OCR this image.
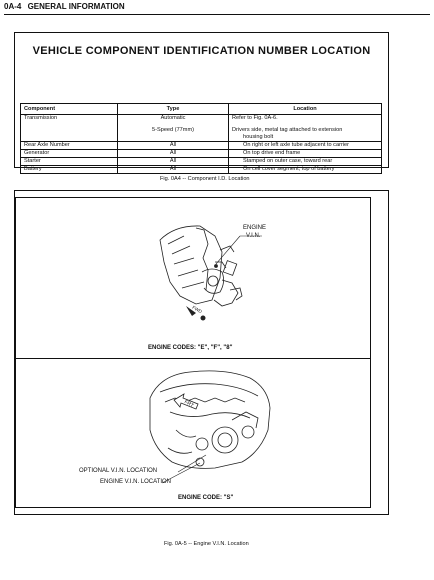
0A-4 GENERAL INFORMATION
VEHICLE COMPONENT IDENTIFICATION NUMBER LOCATION
Component	Type	Location
Transmission	Automatic	Refer to Fig. 0A-6.
	5-Speed (77mm)	Drivers side, metal tag attached to extension
		housing bolt
Rear Axle Number	All	On right or left axle tube adjacent to carrier
Generator	All	On top drive end frame
Starter	All	Stamped on outer case, toward rear
Battery	All	On cell cover segment, top of battery
Fig. 0A4 -- Component I.D. Location
ENGINE
V.I.N.
FWD
ENGINE CODES: "E", "F", "8"
FRT
OPTIONAL V.I.N. LOCATION
ENGINE V.I.N. LOCATION
ENGINE CODE: "S"
Fig. 0A-5 -- Engine V.I.N. Location
